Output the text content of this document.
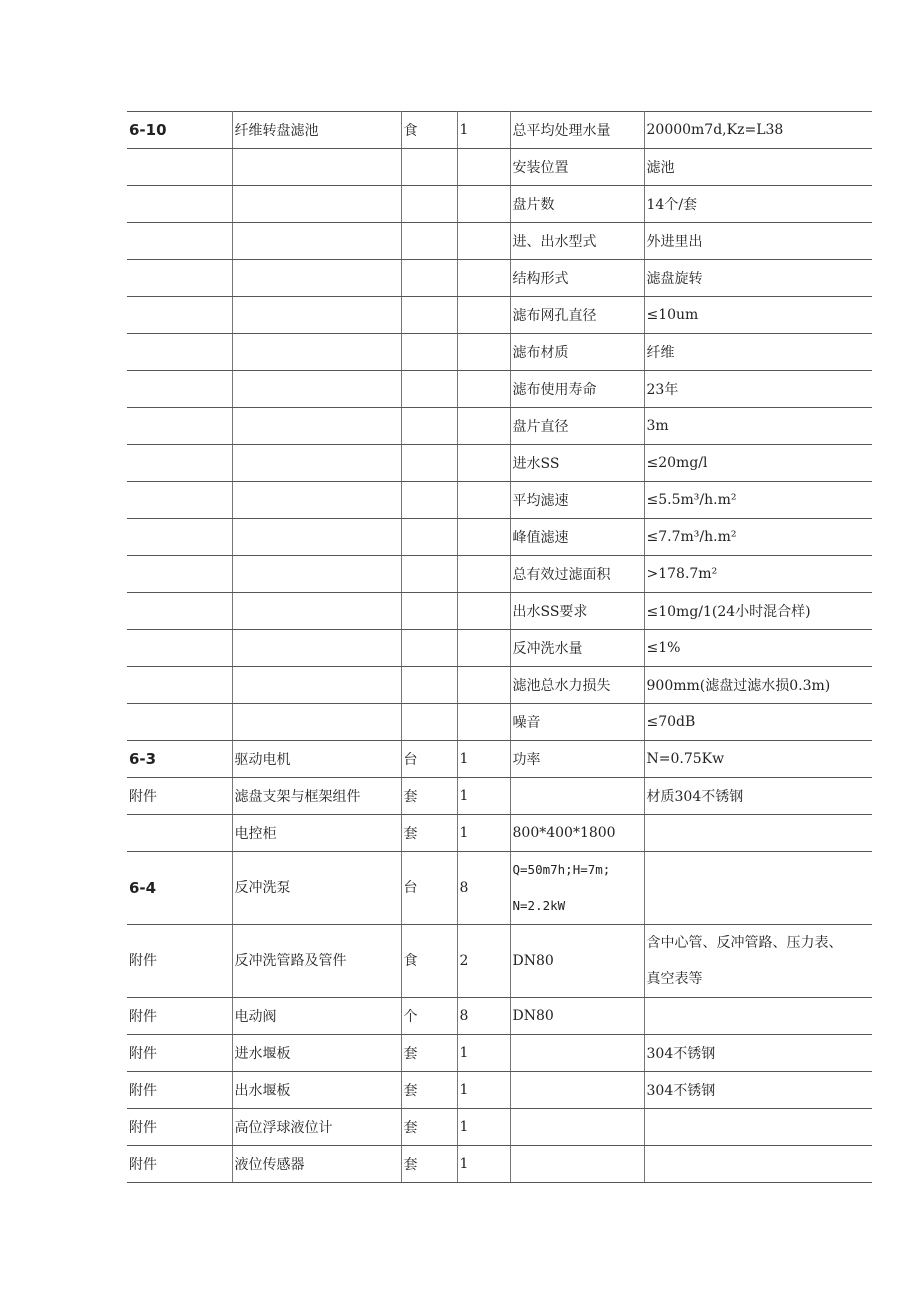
6-10	纤维转盘滤池	食	1	总平均处理水量	20000m7d,Kz=L38
				安装位置	滤池
				盘片数	14个/套
				进、出水型式	外进里出
				结构形式	滤盘旋转
				滤布网孔直径	≤10um
				滤布材质	纤维
				滤布使用寿命	23年
				盘片直径	3m
				进水SS	≤20mg/l
				平均滤速	≤5.5m³/h.m²
				峰值滤速	≤7.7m³/h.m²
				总有效过滤面积	>178.7m²
				出水SS要求	≤10mg/1(24小时混合样)
				反冲洗水量	≤1%
				滤池总水力损失	900mm(滤盘过滤水损0.3m)
				噪音	≤70dB
6-3	驱动电机	台	1	功率	N=0.75Kw
附件	滤盘支架与框架组件	套	1		材质304不锈钢
	电控柜	套	1	800*400*1800	
6-4	反冲洗泵	台	8	Q=50m7h;H=7m;
N=2.2kW	

附件	反冲洗管路及管件	食	2	DN80	含中心管、反冲管路、压力表、
真空表等

附件	电动阀	个	8	DN80	
附件	进水堰板	套	1		304不锈钢
附件	出水堰板	套	1		304不锈钢
附件	高位浮球液位计	套	1		
附件	液位传感器	套	1		
